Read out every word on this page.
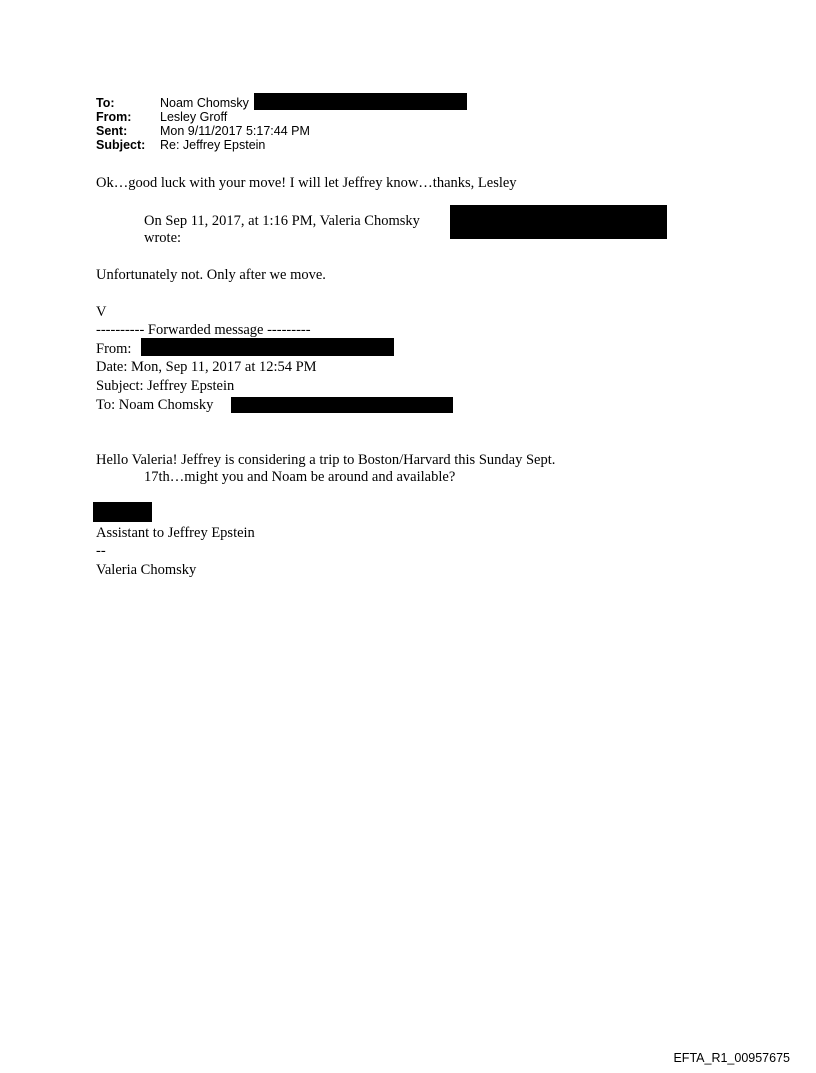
To:	Noam Chomsky
From:	Lesley Groff
Sent:	Mon 9/11/2017 5:17:44 PM
Subject:	Re: Jeffrey Epstein
Ok…good luck with your move! I will let Jeffrey know…thanks, Lesley
On Sep 11, 2017, at 1:16 PM, Valeria Chomsky
wrote:
Unfortunately not. Only after we move.
V
---------- Forwarded message ---------
From:
Date: Mon, Sep 11, 2017 at 12:54 PM
Subject: Jeffrey Epstein
To: Noam Chomsky
Hello Valeria! Jeffrey is considering a trip to Boston/Harvard this Sunday Sept.
17th…might you and Noam be around and available?
Assistant to Jeffrey Epstein
--
Valeria Chomsky
EFTA_R1_00957675
